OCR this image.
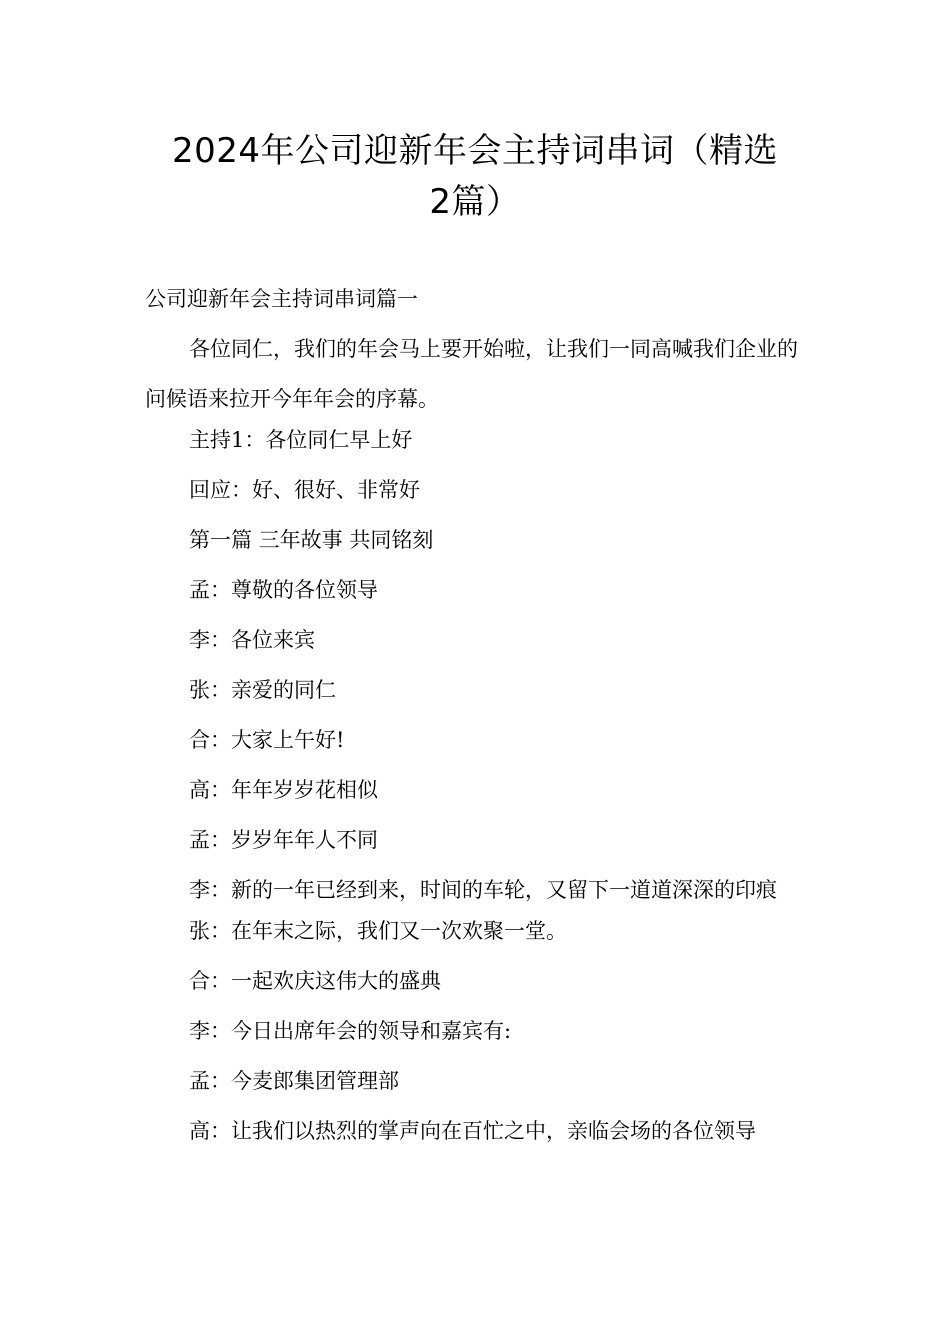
2024年公司迎新年会主持词串词（精选
2篇）

公司迎新年会主持词串词篇一

各位同仁，我们的年会马上要开始啦，让我们一同高喊我们企业的问候语来拉开今年年会的序幕。

主持1：各位同仁早上好

回应：好、很好、非常好

第一篇 三年故事 共同铭刻

孟：尊敬的各位领导

李：各位来宾

张：亲爱的同仁

合：大家上午好!

高：年年岁岁花相似

孟：岁岁年年人不同

李：新的一年已经到来，时间的车轮，又留下一道道深深的印痕

张：在年末之际，我们又一次欢聚一堂。

合：一起欢庆这伟大的盛典

李：今日出席年会的领导和嘉宾有:

孟：今麦郎集团管理部

高：让我们以热烈的掌声向在百忙之中，亲临会场的各位领导
